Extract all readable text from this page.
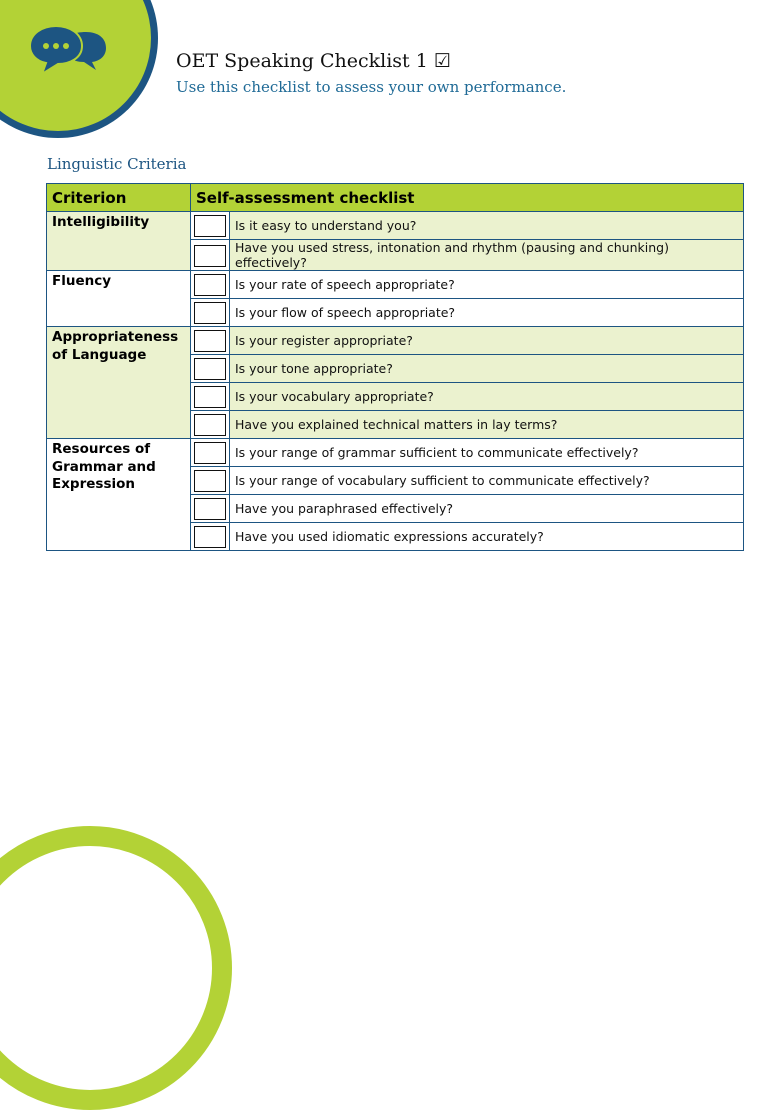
OET Speaking Checklist 1 ☑
Use this checklist to assess your own performance.
Linguistic Criteria
Criterion	Self-assessment checklist	
Intelligibility		Is it easy to understand you?
		Have you used stress, intonation and rhythm (pausing and chunking) effectively?
Fluency		Is your rate of speech appropriate?
		Is your flow of speech appropriate?
Appropriateness of Language		Is your register appropriate?
		Is your tone appropriate?
		Is your vocabulary appropriate?
		Have you explained technical matters in lay terms?
Resources of Grammar and Expression		Is your range of grammar sufficient to communicate effectively?
		Is your range of vocabulary sufficient to communicate effectively?
		Have you paraphrased effectively?
		Have you used idiomatic expressions accurately?
